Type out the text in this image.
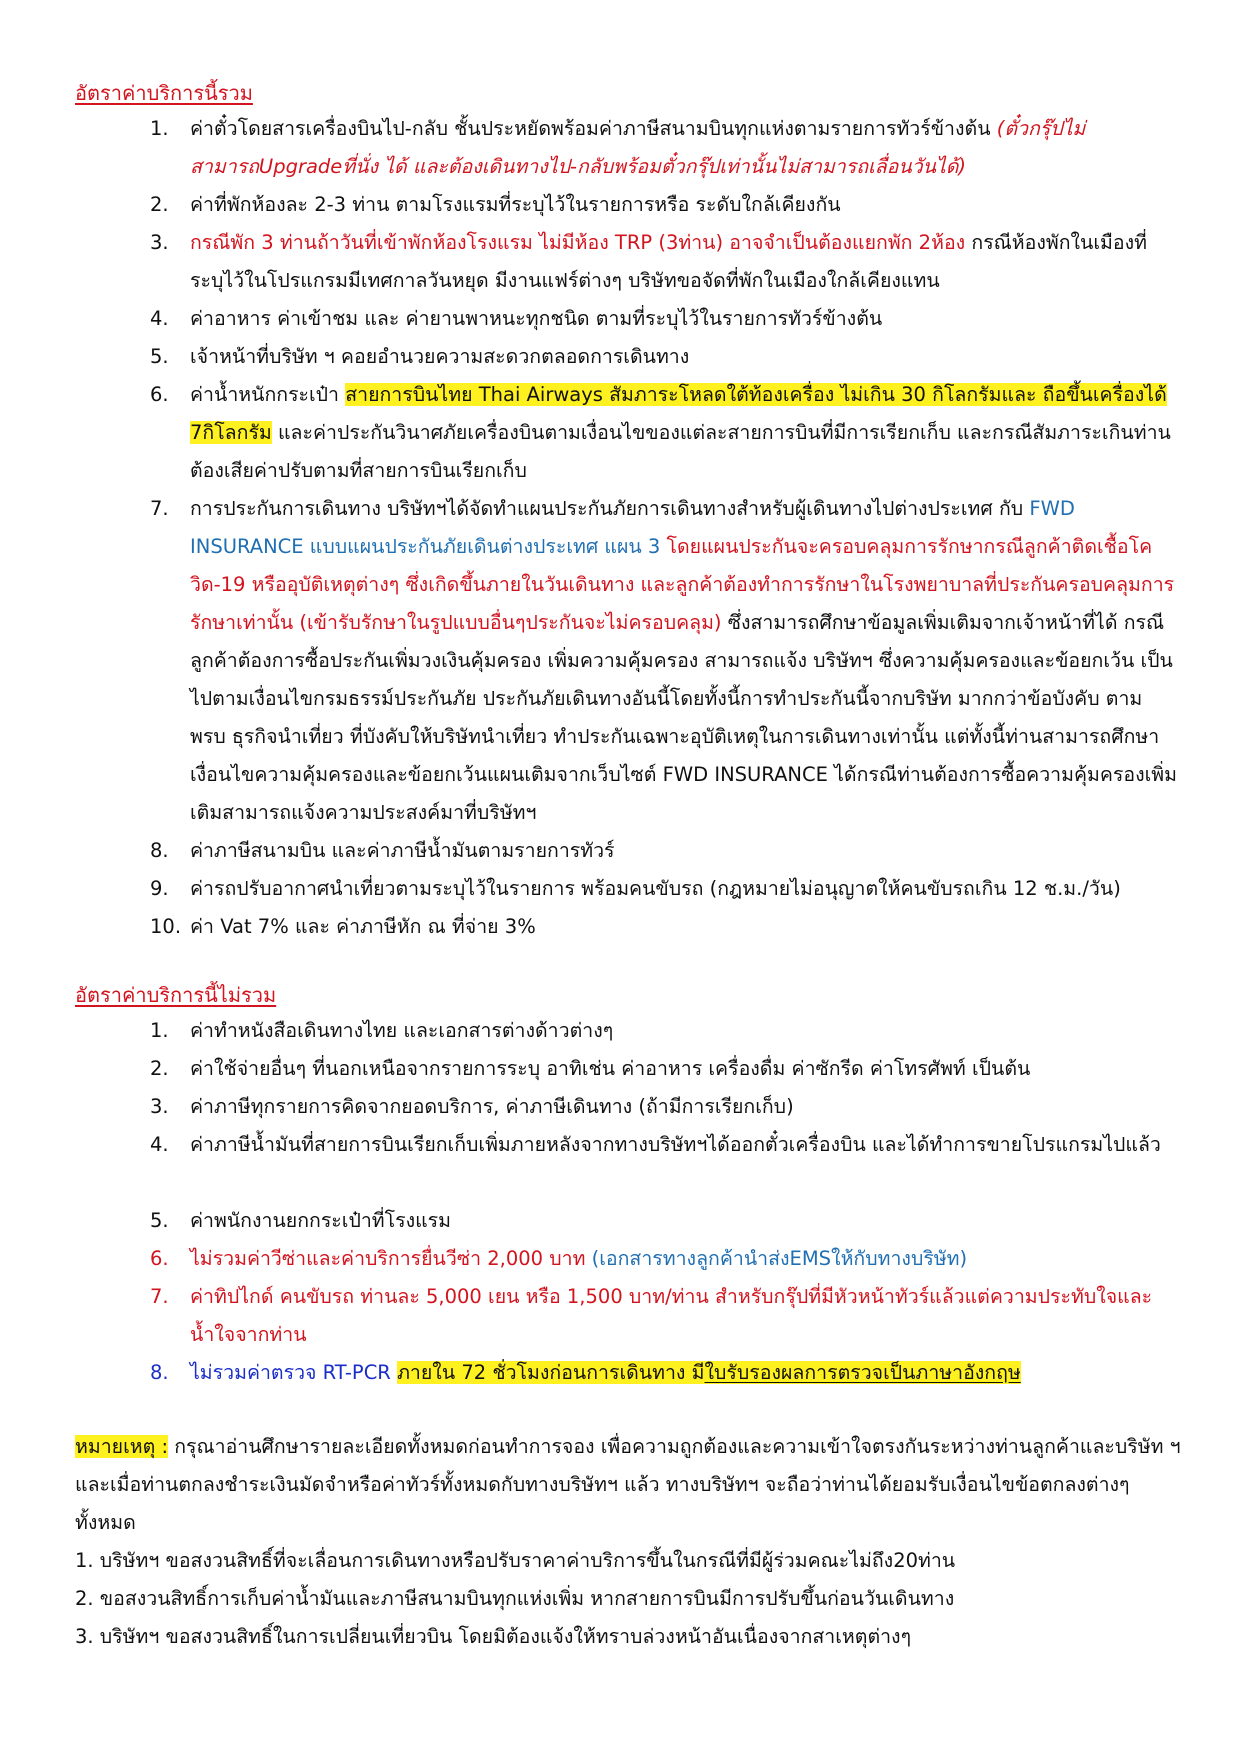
อัตราค่าบริการนี้รวม
1.	ค่าตั๋วโดยสารเครื่องบินไป-กลับ ชั้นประหยัดพร้อมค่าภาษีสนามบินทุกแห่งตามรายการทัวร์ข้างต้น (ตั๋วกรุ๊ปไม่สามารถUpgradeที่นั่ง ได้ และต้องเดินทางไป-กลับพร้อมตั๋วกรุ๊ปเท่านั้นไม่สามารถเลื่อนวันได้)
2.	ค่าที่พักห้องละ 2-3 ท่าน ตามโรงแรมที่ระบุไว้ในรายการหรือ ระดับใกล้เคียงกัน
3.	กรณีพัก 3 ท่านถ้าวันที่เข้าพักห้องโรงแรม ไม่มีห้อง TRP (3ท่าน) อาจจำเป็นต้องแยกพัก 2ห้อง กรณีห้องพักในเมืองที่ระบุไว้ในโปรแกรมมีเทศกาลวันหยุด มีงานแฟร์ต่างๆ บริษัทขอจัดที่พักในเมืองใกล้เคียงแทน
4.	ค่าอาหาร ค่าเข้าชม และ ค่ายานพาหนะทุกชนิด ตามที่ระบุไว้ในรายการทัวร์ข้างต้น
5.	เจ้าหน้าที่บริษัท ฯ คอยอำนวยความสะดวกตลอดการเดินทาง
6.	ค่าน้ำหนักกระเป๋า สายการบินไทย Thai Airways สัมภาระโหลดใต้ท้องเครื่อง ไม่เกิน 30 กิโลกรัมและ ถือขึ้นเครื่องได้ 7กิโลกรัม และค่าประกันวินาศภัยเครื่องบินตามเงื่อนไขของแต่ละสายการบินที่มีการเรียกเก็บ และกรณีสัมภาระเกินท่านต้องเสียค่าปรับตามที่สายการบินเรียกเก็บ
7.	การประกันการเดินทาง บริษัทฯได้จัดทำแผนประกันภัยการเดินทางสำหรับผู้เดินทางไปต่างประเทศ กับ FWD INSURANCE แบบแผนประกันภัยเดินต่างประเทศ แผน 3 โดยแผนประกันจะครอบคลุมการรักษากรณีลูกค้าติดเชื้อโควิด-19 หรืออุบัติเหตุต่างๆ ซึ่งเกิดขึ้นภายในวันเดินทาง และลูกค้าต้องทำการรักษาในโรงพยาบาลที่ประกันครอบคลุมการรักษาเท่านั้น (เข้ารับรักษาในรูปแบบอื่นๆประกันจะไม่ครอบคลุม) ซึ่งสามารถศึกษาข้อมูลเพิ่มเติมจากเจ้าหน้าที่ได้ กรณีลูกค้าต้องการซื้อประกันเพิ่มวงเงินคุ้มครอง เพิ่มความคุ้มครอง สามารถแจ้ง บริษัทฯ ซึ่งความคุ้มครองและข้อยกเว้น เป็นไปตามเงื่อนไขกรมธรรม์ประกันภัย ประกันภัยเดินทางอันนี้โดยทั้งนี้การทำประกันนี้จากบริษัท มากกว่าข้อบังคับ ตาม พรบ ธุรกิจนำเที่ยว ที่บังคับให้บริษัทนำเที่ยว ทำประกันเฉพาะอุบัติเหตุในการเดินทางเท่านั้น แต่ทั้งนี้ท่านสามารถศึกษาเงื่อนไขความคุ้มครองและข้อยกเว้นแผนเติมจากเว็บไซต์ FWD INSURANCE ได้กรณีท่านต้องการซื้อความคุ้มครองเพิ่มเติมสามารถแจ้งความประสงค์มาที่บริษัทฯ
8.	ค่าภาษีสนามบิน และค่าภาษีน้ำมันตามรายการทัวร์
9.	ค่ารถปรับอากาศนำเที่ยวตามระบุไว้ในรายการ พร้อมคนขับรถ (กฎหมายไม่อนุญาตให้คนขับรถเกิน 12 ช.ม./วัน)
10. ค่า Vat 7% และ ค่าภาษีหัก ณ ที่จ่าย 3%
อัตราค่าบริการนี้ไม่รวม
1.	ค่าทำหนังสือเดินทางไทย และเอกสารต่างด้าวต่างๆ
2.	ค่าใช้จ่ายอื่นๆ ที่นอกเหนือจากรายการระบุ อาทิเช่น ค่าอาหาร เครื่องดื่ม ค่าซักรีด ค่าโทรศัพท์ เป็นต้น
3.	ค่าภาษีทุกรายการคิดจากยอดบริการ, ค่าภาษีเดินทาง (ถ้ามีการเรียกเก็บ)
4.	ค่าภาษีน้ำมันที่สายการบินเรียกเก็บเพิ่มภายหลังจากทางบริษัทฯได้ออกตั๋วเครื่องบิน และได้ทำการขายโปรแกรมไปแล้ว
5.	ค่าพนักงานยกกระเป๋าที่โรงแรม
6.	ไม่รวมค่าวีซ่าและค่าบริการยื่นวีซ่า 2,000 บาท (เอกสารทางลูกค้านำส่งEMSให้กับทางบริษัท)
7.	ค่าทิปไกด์ คนขับรถ ท่านละ 5,000 เยน หรือ 1,500 บาท/ท่าน สำหรับกรุ๊ปที่มีหัวหน้าทัวร์แล้วแต่ความประทับใจและน้ำใจจากท่าน
8.	ไม่รวมค่าตรวจ RT-PCR ภายใน 72 ชั่วโมงก่อนการเดินทาง มีใบรับรองผลการตรวจเป็นภาษาอังกฤษ
หมายเหตุ : กรุณาอ่านศึกษารายละเอียดทั้งหมดก่อนทำการจอง เพื่อความถูกต้องและความเข้าใจตรงกันระหว่างท่านลูกค้าและบริษัท ฯ และเมื่อท่านตกลงชำระเงินมัดจำหรือค่าทัวร์ทั้งหมดกับทางบริษัทฯ แล้ว ทางบริษัทฯ จะถือว่าท่านได้ยอมรับเงื่อนไขข้อตกลงต่างๆ ทั้งหมด
1. บริษัทฯ ขอสงวนสิทธิ์ที่จะเลื่อนการเดินทางหรือปรับราคาค่าบริการขึ้นในกรณีที่มีผู้ร่วมคณะไม่ถึง20ท่าน
2. ขอสงวนสิทธิ์การเก็บค่าน้ำมันและภาษีสนามบินทุกแห่งเพิ่ม หากสายการบินมีการปรับขึ้นก่อนวันเดินทาง
3. บริษัทฯ ขอสงวนสิทธิ์ในการเปลี่ยนเที่ยวบิน โดยมิต้องแจ้งให้ทราบล่วงหน้าอันเนื่องจากสาเหตุต่างๆ
